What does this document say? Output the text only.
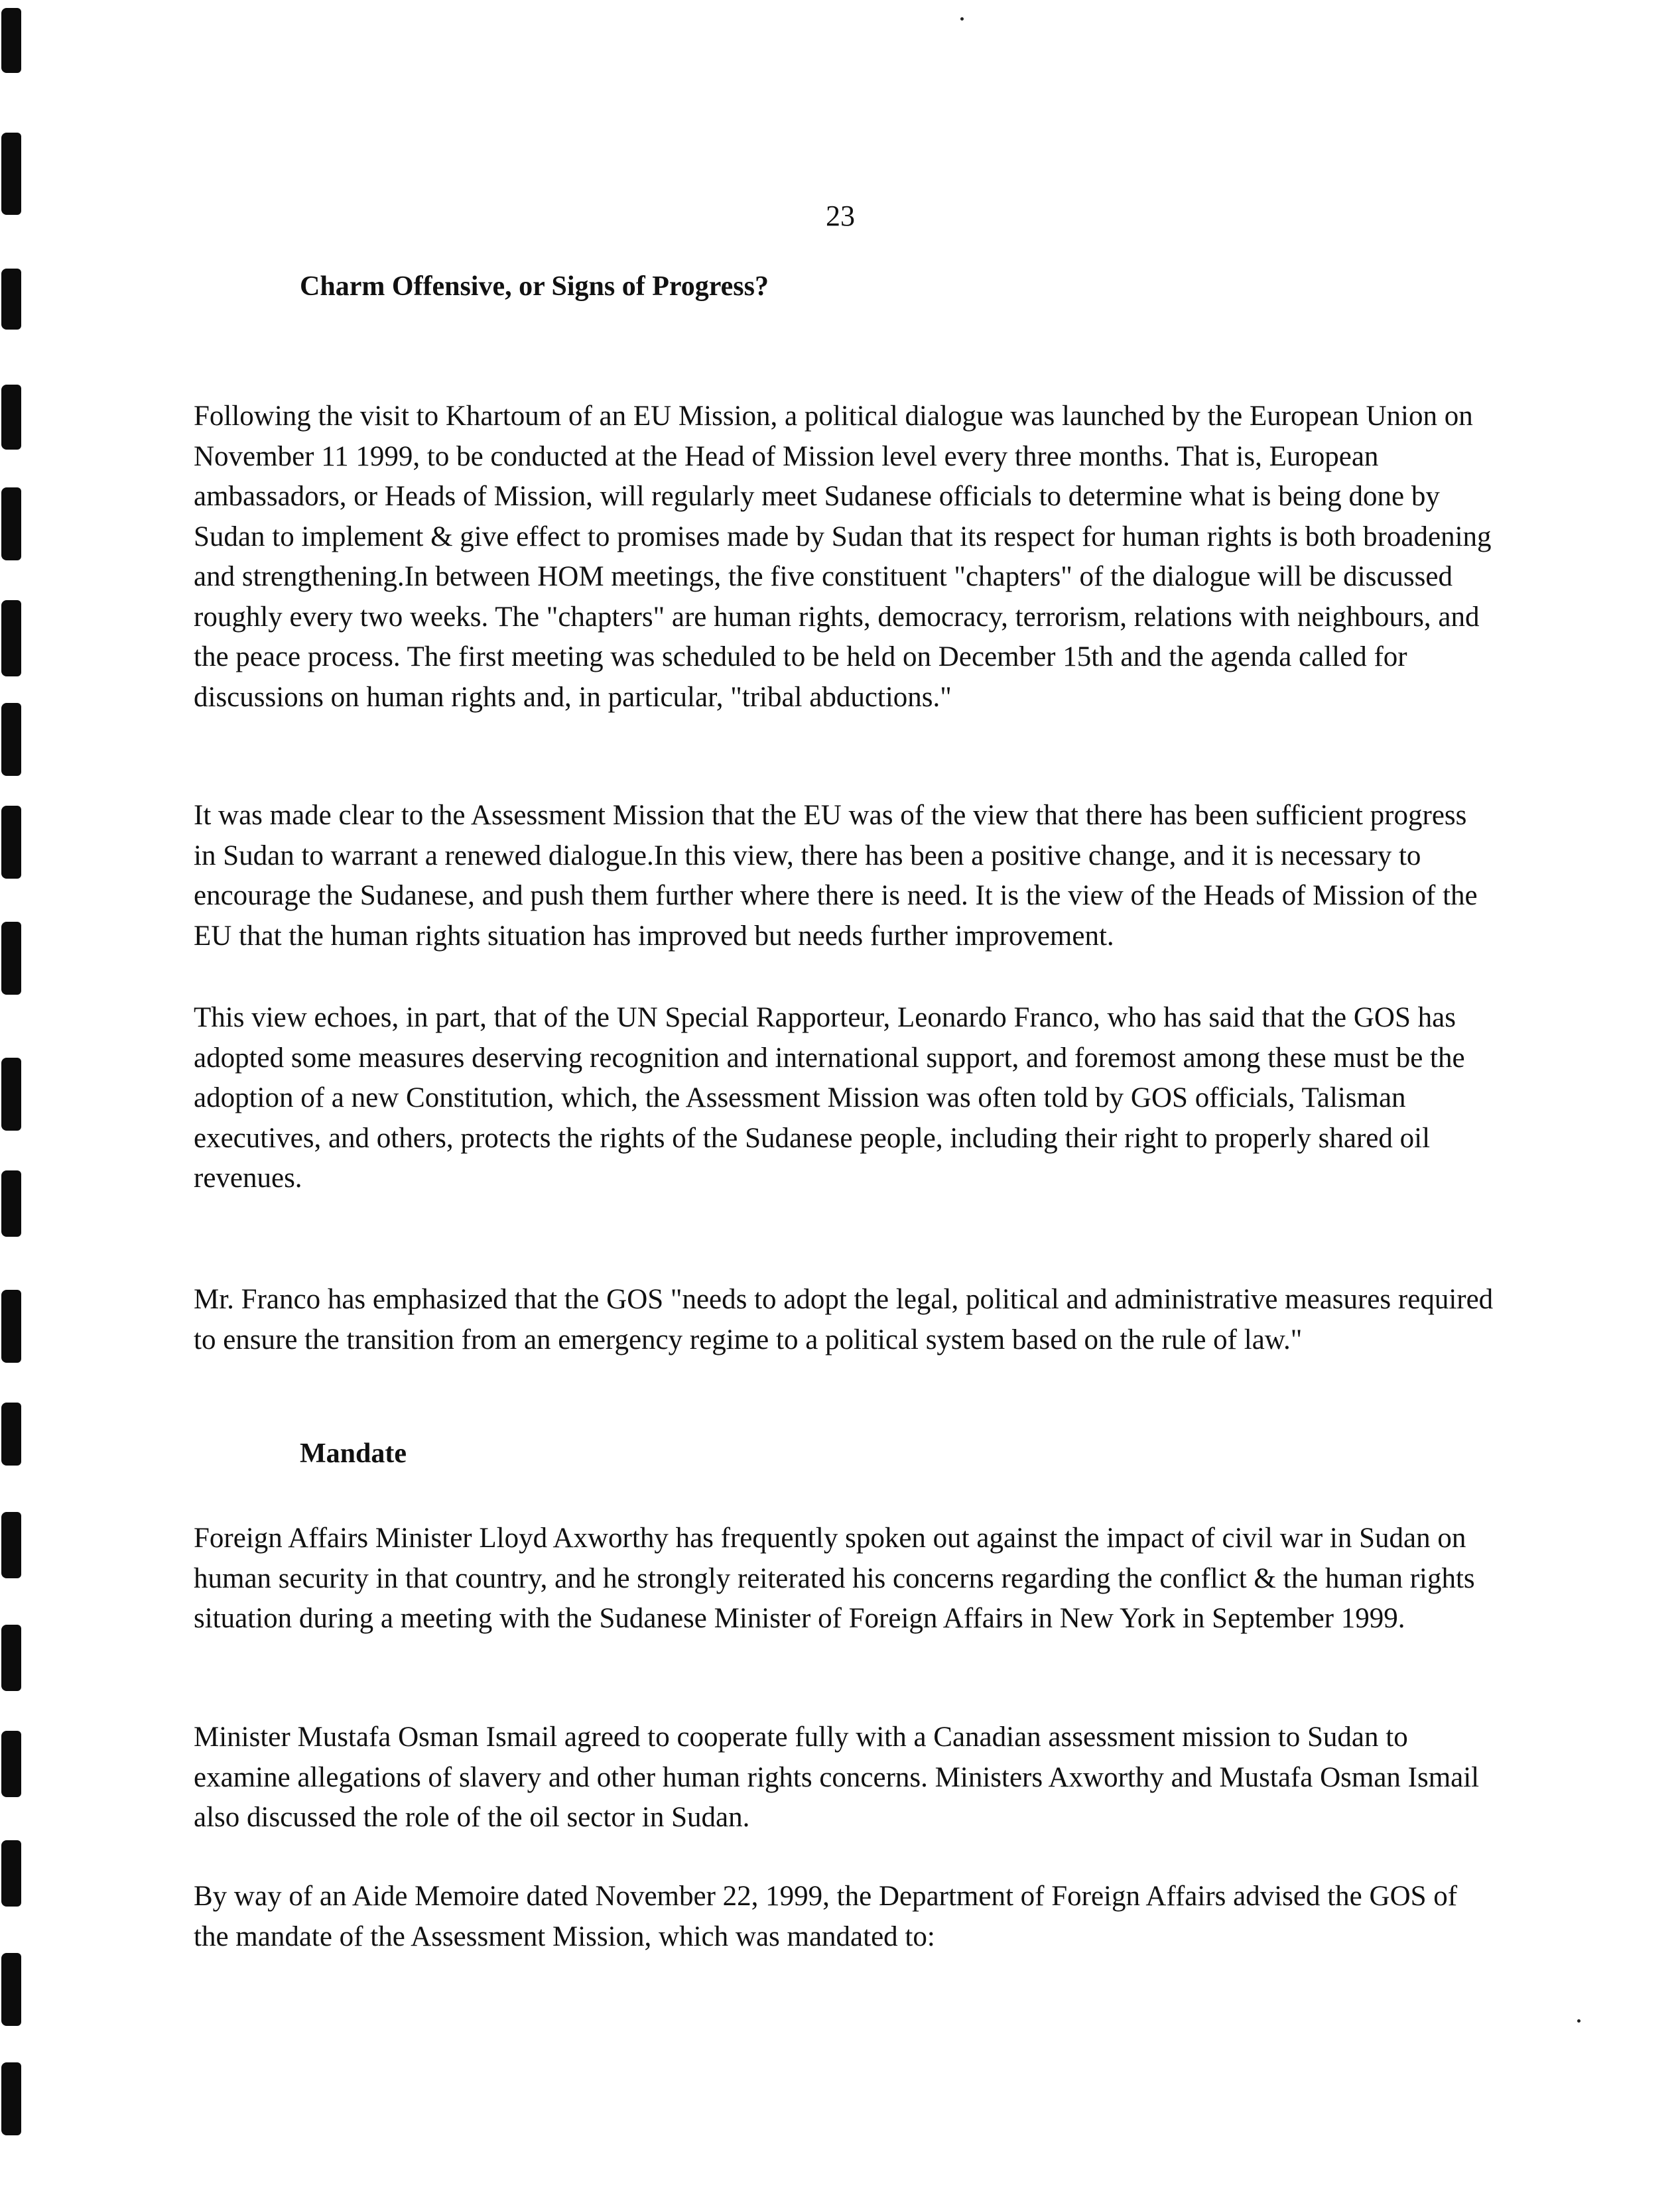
23
Charm Offensive, or Signs of Progress?

Following the visit to Khartoum of an EU Mission, a political dialogue was launched by the European Union on November 11 1999, to be conducted at the Head of Mission level every three months. That is, European ambassadors, or Heads of Mission, will regularly meet Sudanese officials to determine what is being done by Sudan to implement & give effect to promises made by Sudan that its respect for human rights is both broadening and strengthening.In between HOM meetings, the five constituent "chapters" of the dialogue will be discussed roughly every two weeks. The "chapters" are human rights, democracy, terrorism, relations with neighbours, and the peace process. The first meeting was scheduled to be held on December 15th and the agenda called for discussions on human rights and, in particular, "tribal abductions."

It was made clear to the Assessment Mission that the EU was of the view that there has been sufficient progress in Sudan to warrant a renewed dialogue.In this view, there has been a positive change, and it is necessary to encourage the Sudanese, and push them further where there is need. It is the view of the Heads of Mission of the EU that the human rights situation has improved but needs further improvement.

This view echoes, in part, that of the UN Special Rapporteur, Leonardo Franco, who has said that the GOS has adopted some measures deserving recognition and international support, and foremost among these must be the adoption of a new Constitution, which, the Assessment Mission was often told by GOS officials, Talisman executives, and others, protects the rights of the Sudanese people, including their right to properly shared oil revenues.

Mr. Franco has emphasized that the GOS "needs to adopt the legal, political and administrative measures required to ensure the transition from an emergency regime to a political system based on the rule of law."

Mandate

Foreign Affairs Minister Lloyd Axworthy has frequently spoken out against the impact of civil war in Sudan on human security in that country, and he strongly reiterated his concerns regarding the conflict & the human rights situation during a meeting with the Sudanese Minister of Foreign Affairs in New York in September 1999.

Minister Mustafa Osman Ismail agreed to cooperate fully with a Canadian assessment mission to Sudan to examine allegations of slavery and other human rights concerns. Ministers Axworthy and Mustafa Osman Ismail also discussed the role of the oil sector in Sudan.

By way of an Aide Memoire dated November 22, 1999, the Department of Foreign Affairs advised the GOS of the mandate of the Assessment Mission, which was mandated to:
